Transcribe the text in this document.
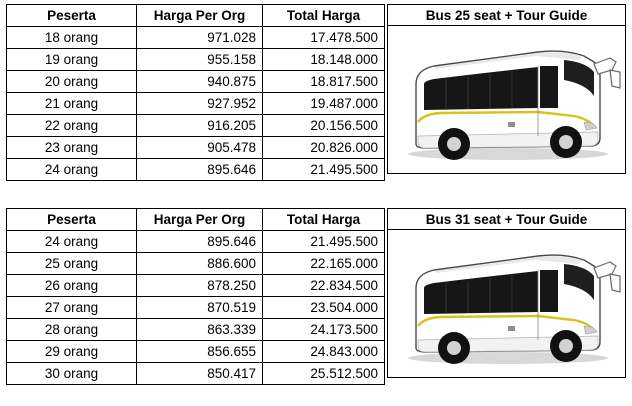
Peserta	Harga Per Org	Total Harga
18 orang	971.028	17.478.500
19 orang	955.158	18.148.000
20 orang	940.875	18.817.500
21 orang	927.952	19.487.000
22 orang	916.205	20.156.500
23 orang	905.478	20.826.000
24 orang	895.646	21.495.500
Bus 25 seat + Tour Guide
Peserta	Harga Per Org	Total Harga
24 orang	895.646	21.495.500
25 orang	886.600	22.165.000
26 orang	878.250	22.834.500
27 orang	870.519	23.504.000
28 orang	863.339	24.173.500
29 orang	856.655	24.843.000
30 orang	850.417	25.512.500
Bus 31 seat + Tour Guide
